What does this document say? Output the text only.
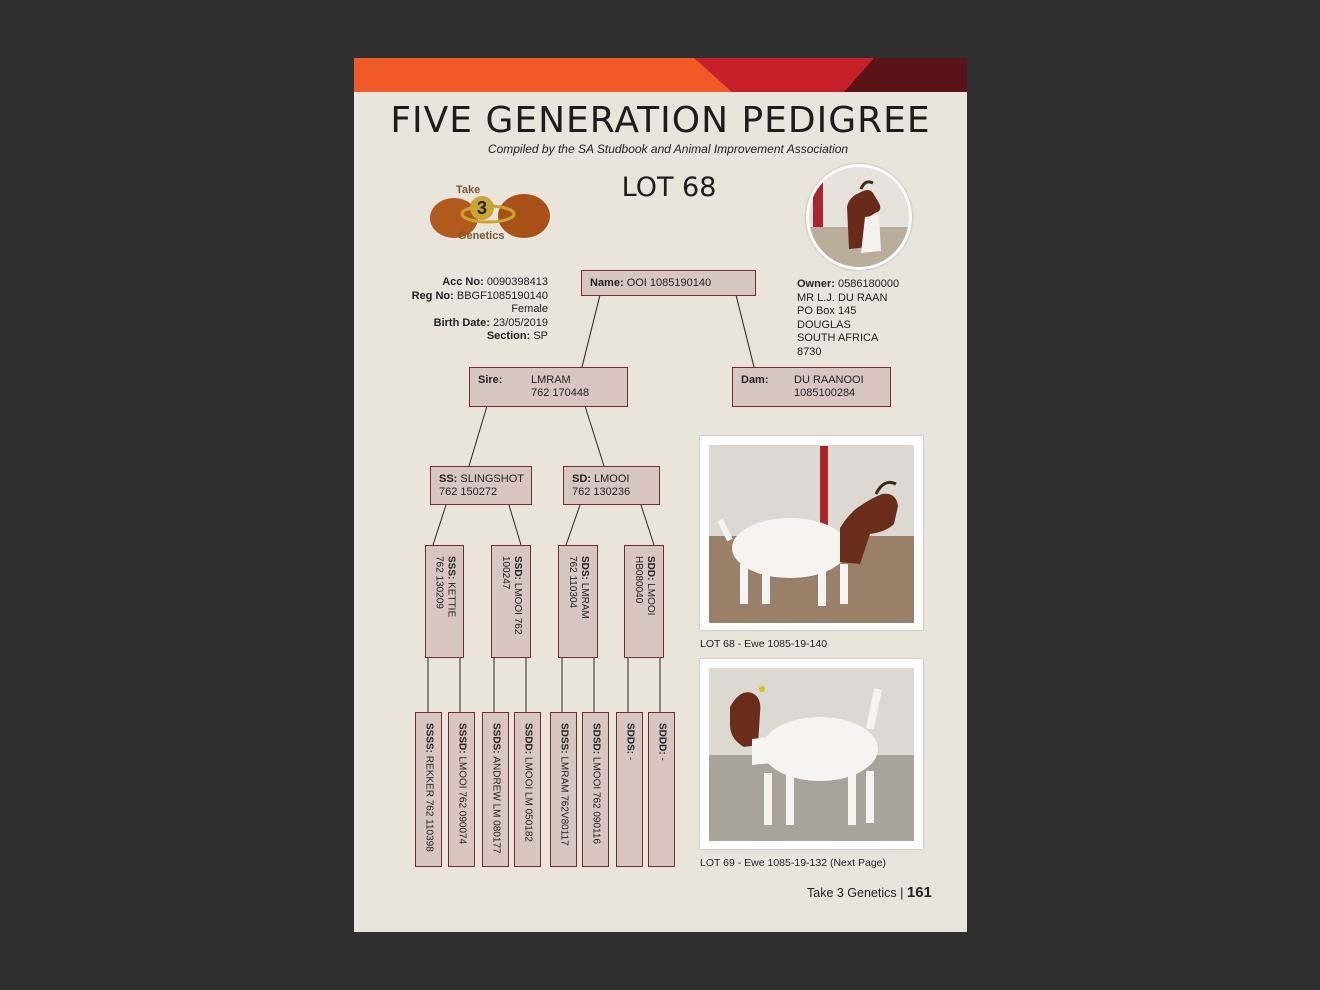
FIVE GENERATION PEDIGREE
Compiled by the SA Studbook and Animal Improvement Association
LOT 68
Take
3
Genetics
Acc No: 0090398413
Reg No: BBGF1085190140
Female
Birth Date: 23/05/2019
Section: SP
Owner: 0586180000
MR L.J. DU RAAN
PO Box 145
DOUGLAS
SOUTH AFRICA
8730
Name: OOI 1085190140
Sire:	LMRAM
762 170448
Dam: DU RAANOOI
1085100284
SS: SLINGSHOT
762 150272
SD: LMOOI
762 130236
SSS: KETTIE
762 130209	SSD: LMOOI 762
100247	SDS: LMRAM
762 110304	SDD: LMOOI
HB080040
SSSS: REKKER 762 110398
SSSD: LMOOI 762 090074
SSDS: ANDREW LM 080177
SSDD: LMOOI LM 050182
SDSS: LMRAM 762V80117
SDSD: LMOOI 762 090116
SDDS: -
SDDD: -
LOT 68 - Ewe 1085-19-140
LOT 69 - Ewe 1085-19-132 (Next Page)
Take 3 Genetics | 161
